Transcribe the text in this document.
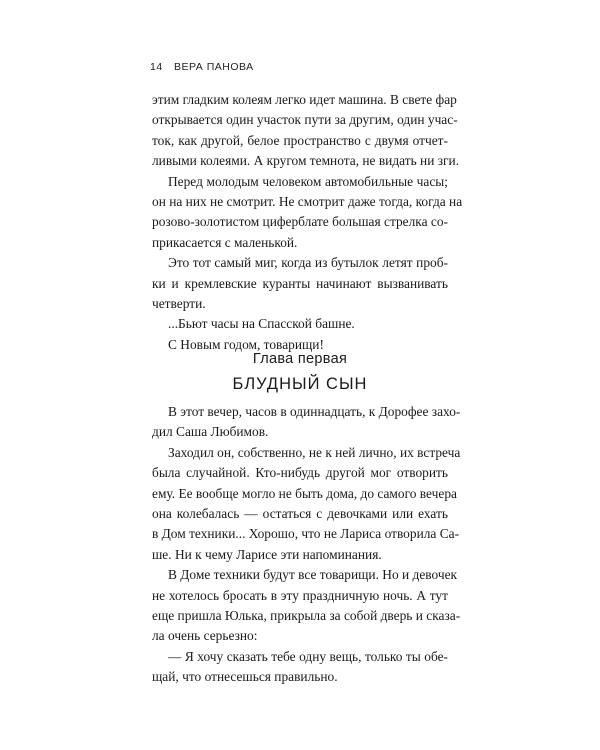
14 ВЕРА ПАНОВА
этим гладким колеям легко идет машина. В свете фар
открывается один участок пути за другим, один учас-
ток, как другой, белое пространство с двумя отчет-
ливыми колеями. А кругом темнота, не видать ни зги.
Перед молодым человеком автомобильные часы;
он на них не смотрит. Не смотрит даже тогда, когда на
розово-золотистом циферблате большая стрелка со-
прикасается с маленькой.
Это тот самый миг, когда из бутылок летят проб-
ки и кремлевские куранты начинают вызванивать
четверти.
...Бьют часы на Спасской башне.
С Новым годом, товарищи!
Глава первая
БЛУДНЫЙ СЫН
В этот вечер, часов в одиннадцать, к Дорофее захо-
дил Саша Любимов.
Заходил он, собственно, не к ней лично, их встреча
была случайной. Кто-нибудь другой мог отворить
ему. Ее вообще могло не быть дома, до самого вечера
она колебалась — остаться с девочками или ехать
в Дом техники... Хорошо, что не Лариса отворила Са-
ше. Ни к чему Ларисе эти напоминания.
В Доме техники будут все товарищи. Но и девочек
не хотелось бросать в эту праздничную ночь. А тут
еще пришла Юлька, прикрыла за собой дверь и сказа-
ла очень серьезно:
— Я хочу сказать тебе одну вещь, только ты обе-
щай, что отнесешься правильно.
